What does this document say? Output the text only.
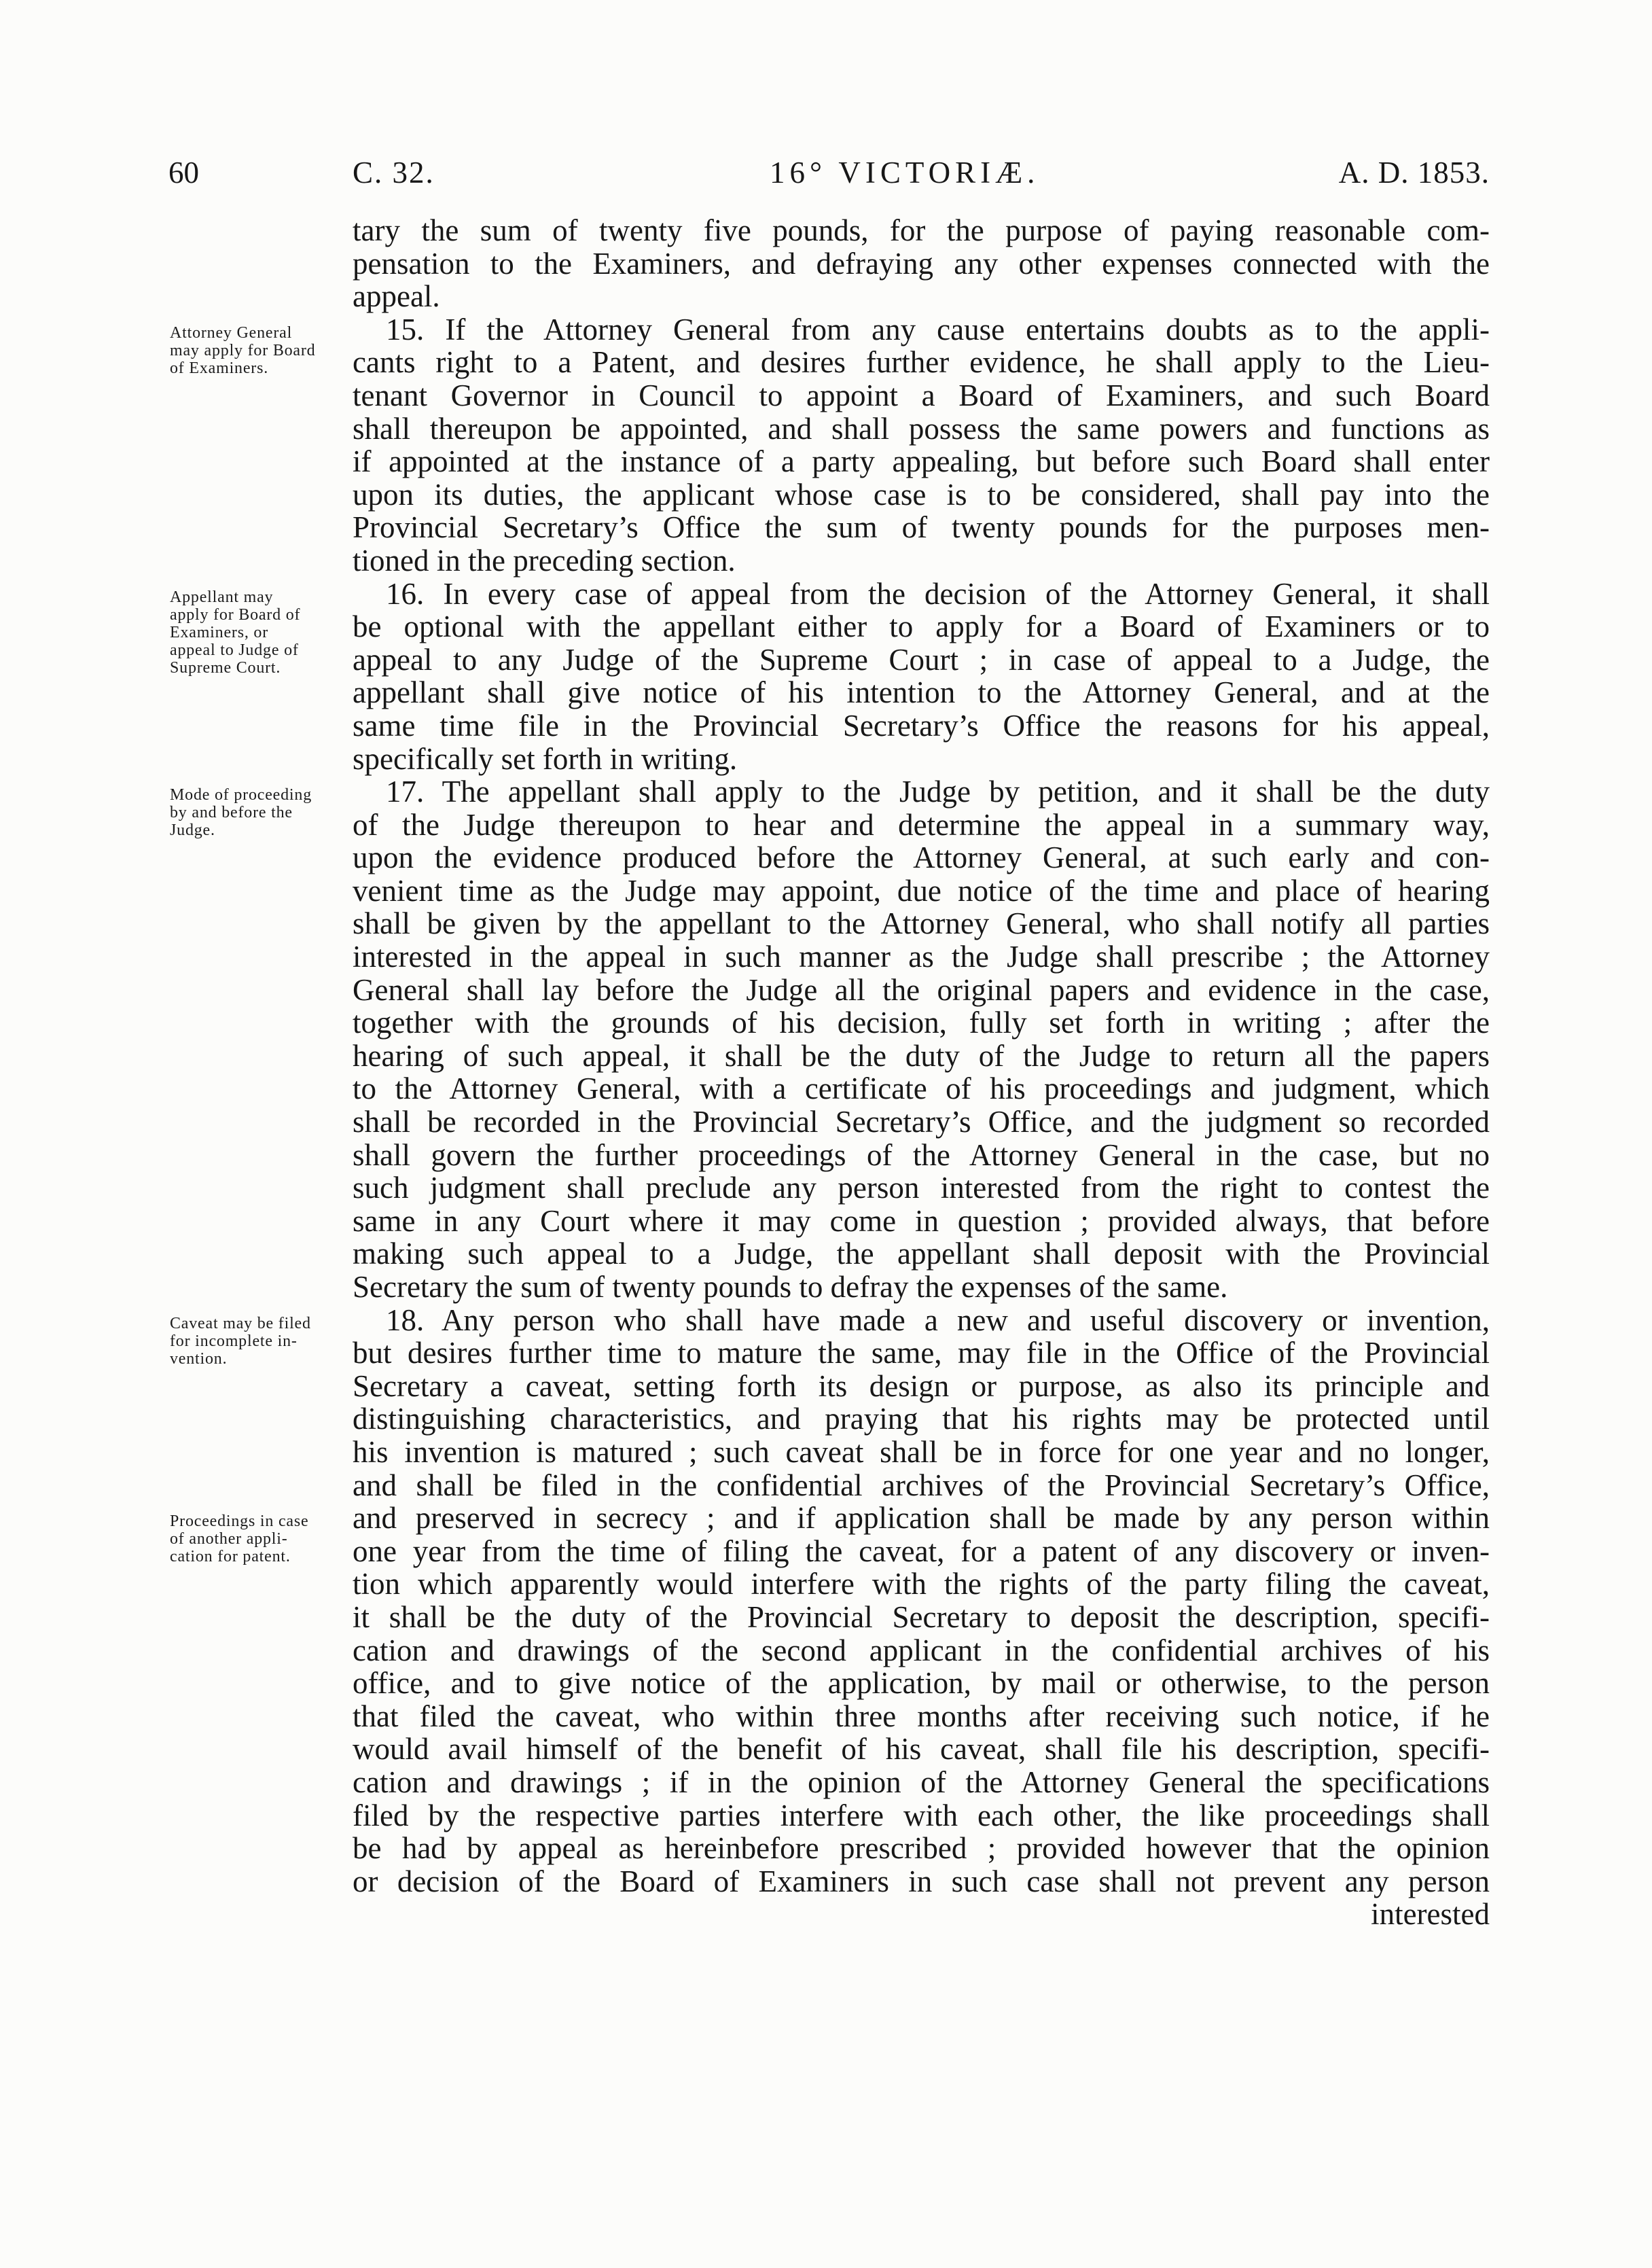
60	C. 32.	16° VICTORIÆ.	A. D. 1853.
tary the sum of twenty five pounds, for the purpose of paying reasonable com-
pensation to the Examiners, and defraying any other expenses connected with the
appeal.
Attorney General
may apply for Board
of Examiners.
15. If the Attorney General from any cause entertains doubts as to the appli-
cants right to a Patent, and desires further evidence, he shall apply to the Lieu-
tenant Governor in Council to appoint a Board of Examiners, and such Board
shall thereupon be appointed, and shall possess the same powers and functions as
if appointed at the instance of a party appealing, but before such Board shall enter
upon its duties, the applicant whose case is to be considered, shall pay into the
Provincial Secretary’s Office the sum of twenty pounds for the purposes men-
tioned in the preceding section.
Appellant may
apply for Board of
Examiners, or
appeal to Judge of
Supreme Court.
16. In every case of appeal from the decision of the Attorney General, it shall
be optional with the appellant either to apply for a Board of Examiners or to
appeal to any Judge of the Supreme Court ; in case of appeal to a Judge, the
appellant shall give notice of his intention to the Attorney General, and at the
same time file in the Provincial Secretary’s Office the reasons for his appeal,
specifically set forth in writing.
Mode of proceeding
by and before the
Judge.
17. The appellant shall apply to the Judge by petition, and it shall be the duty
of the Judge thereupon to hear and determine the appeal in a summary way,
upon the evidence produced before the Attorney General, at such early and con-
venient time as the Judge may appoint, due notice of the time and place of hearing
shall be given by the appellant to the Attorney General, who shall notify all parties
interested in the appeal in such manner as the Judge shall prescribe ; the Attorney
General shall lay before the Judge all the original papers and evidence in the case,
together with the grounds of his decision, fully set forth in writing ; after the
hearing of such appeal, it shall be the duty of the Judge to return all the papers
to the Attorney General, with a certificate of his proceedings and judgment, which
shall be recorded in the Provincial Secretary’s Office, and the judgment so recorded
shall govern the further proceedings of the Attorney General in the case, but no
such judgment shall preclude any person interested from the right to contest the
same in any Court where it may come in question ; provided always, that before
making such appeal to a Judge, the appellant shall deposit with the Provincial
Secretary the sum of twenty pounds to defray the expenses of the same.
Caveat may be filed
for incomplete in-
vention.
18. Any person who shall have made a new and useful discovery or invention,
but desires further time to mature the same, may file in the Office of the Provincial
Secretary a caveat, setting forth its design or purpose, as also its principle and
distinguishing characteristics, and praying that his rights may be protected until
his invention is matured ; such caveat shall be in force for one year and no longer,
and shall be filed in the confidential archives of the Provincial Secretary’s Office,
Proceedings in case
of another appli-
cation for patent.
and preserved in secrecy ; and if application shall be made by any person within
one year from the time of filing the caveat, for a patent of any discovery or inven-
tion which apparently would interfere with the rights of the party filing the caveat,
it shall be the duty of the Provincial Secretary to deposit the description, specifi-
cation and drawings of the second applicant in the confidential archives of his
office, and to give notice of the application, by mail or otherwise, to the person
that filed the caveat, who within three months after receiving such notice, if he
would avail himself of the benefit of his caveat, shall file his description, specifi-
cation and drawings ; if in the opinion of the Attorney General the specifications
filed by the respective parties interfere with each other, the like proceedings shall
be had by appeal as hereinbefore prescribed ; provided however that the opinion
or decision of the Board of Examiners in such case shall not prevent any person
interested
